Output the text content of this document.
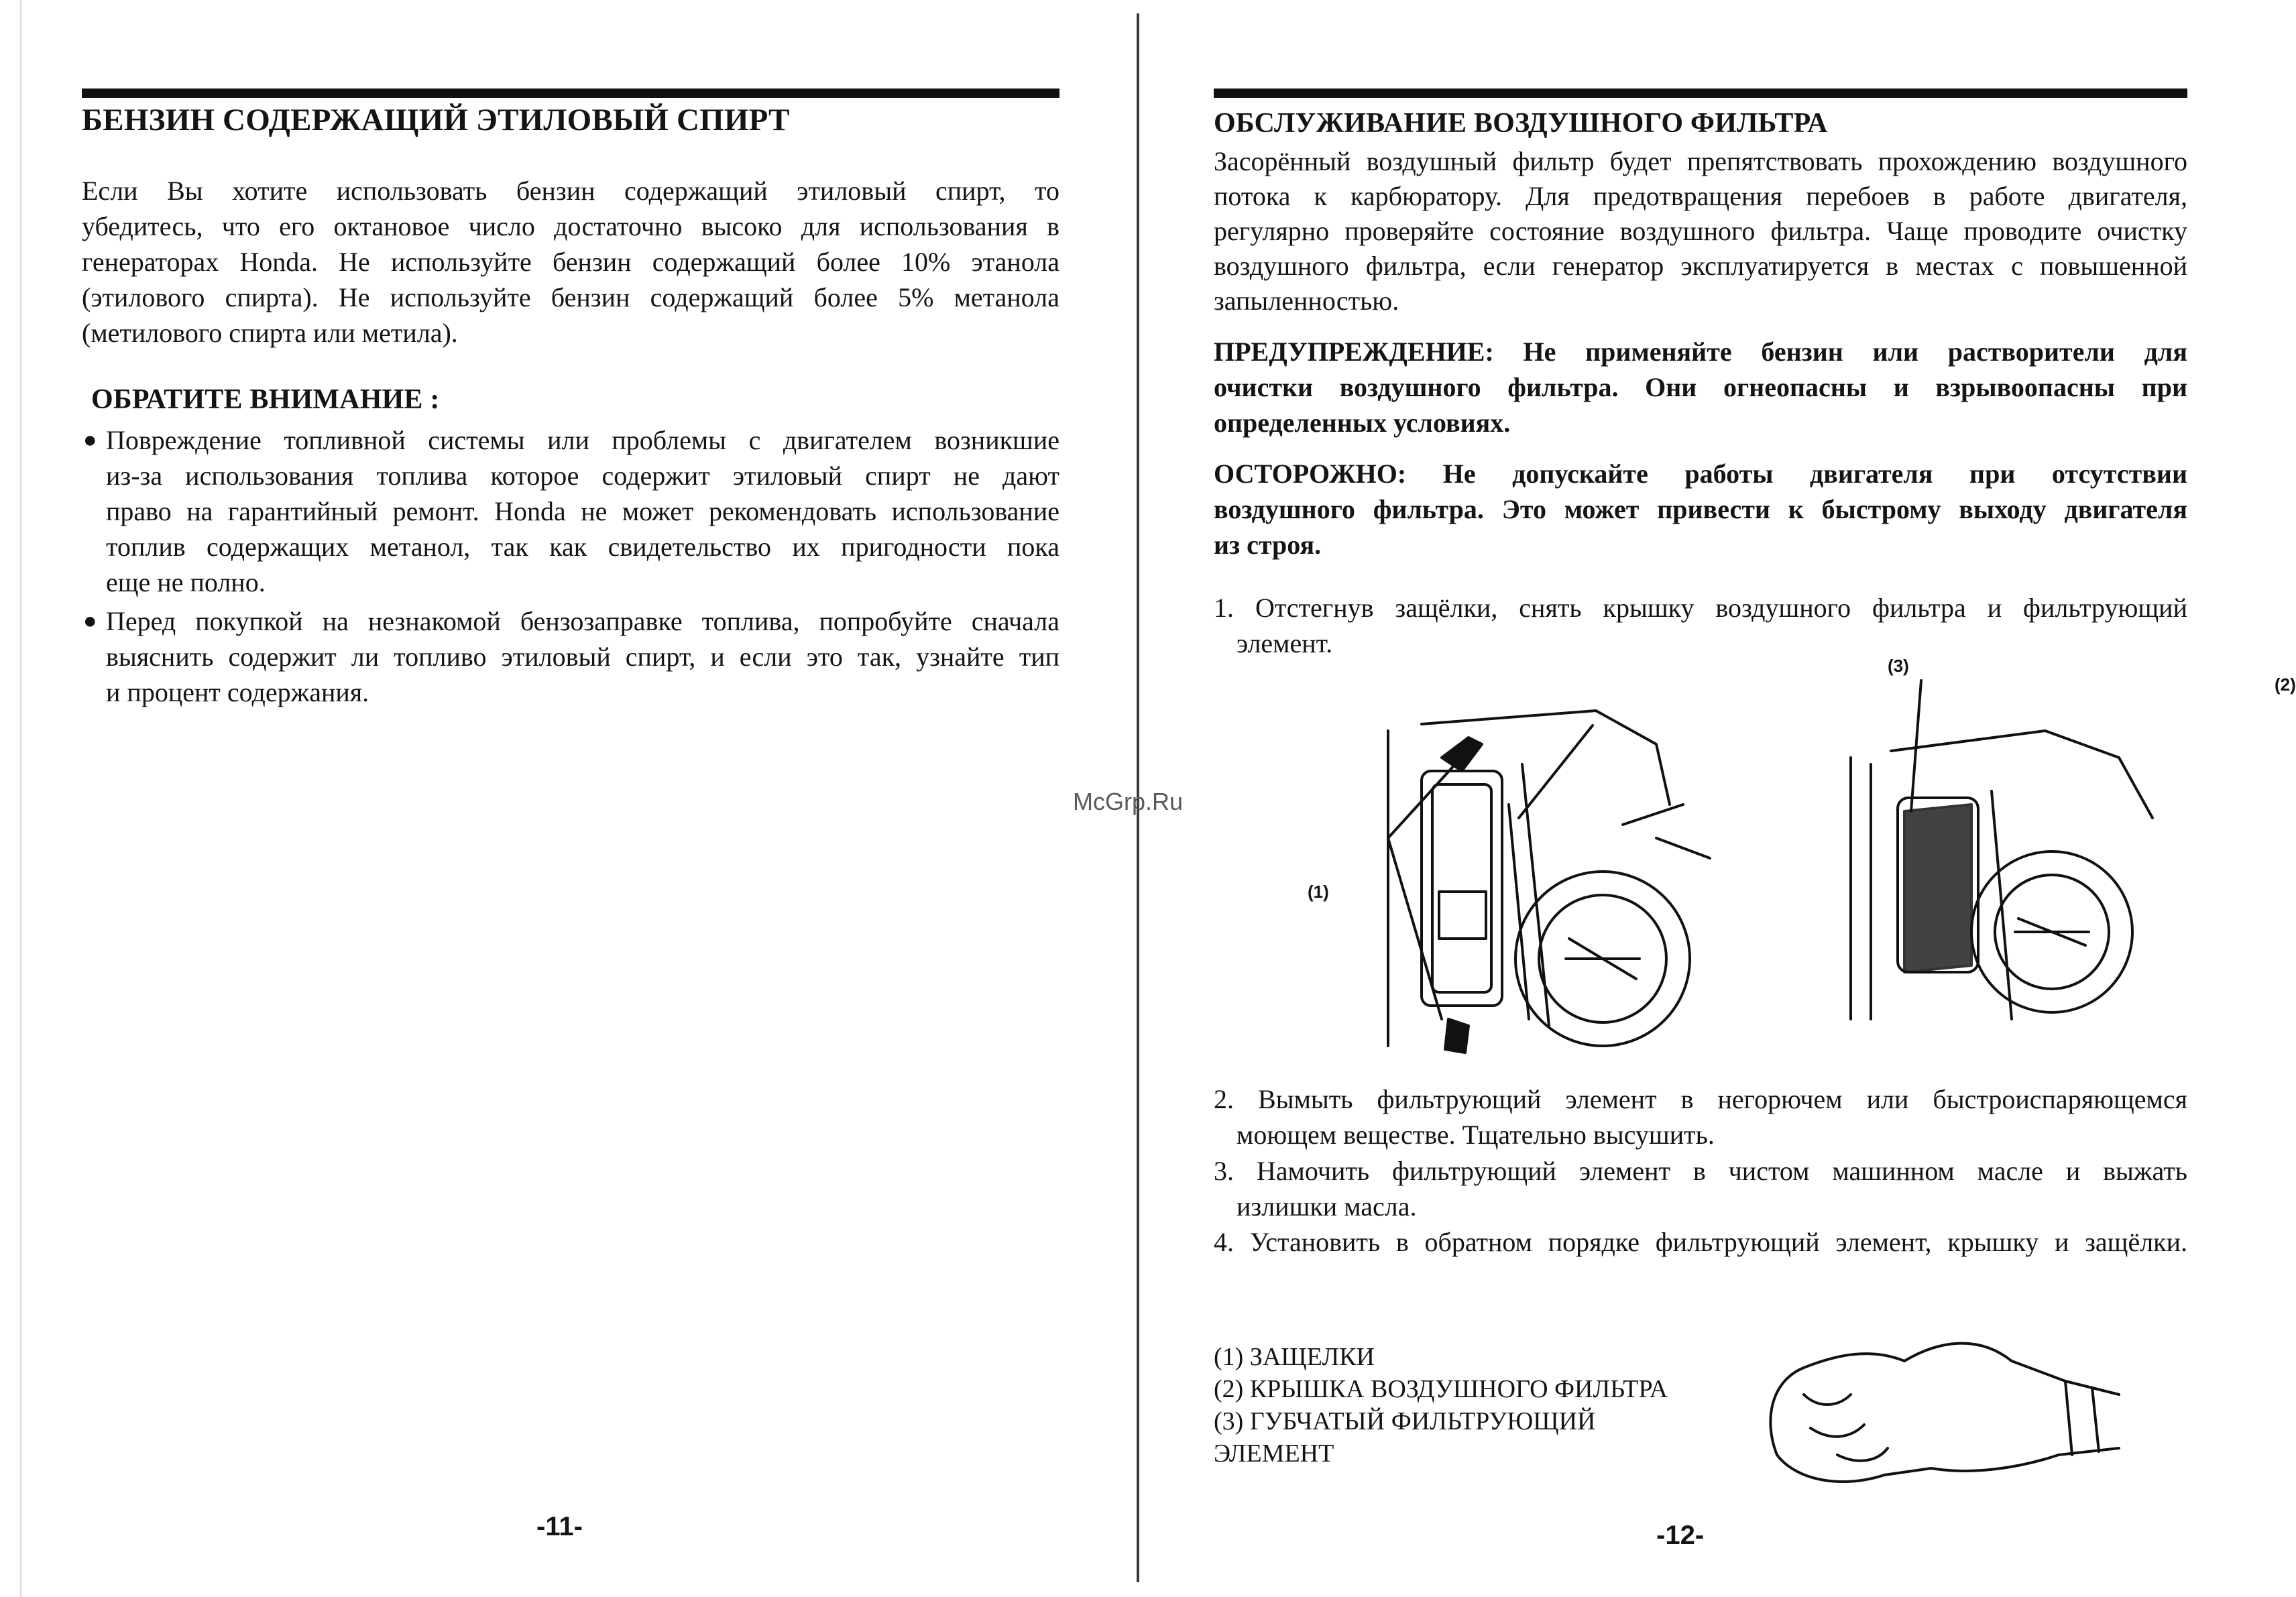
БЕНЗИН СОДЕРЖАЩИЙ ЭТИЛОВЫЙ СПИРТ
Если Вы хотите использовать бензин содержащий этиловый спирт, то
убедитесь, что его октановое число достаточно высоко для использования в
генераторах Honda. Не используйте бензин содержащий более 10% этанола
(этилового спирта). Не используйте бензин содержащий более 5% метанола
(метилового спирта или метила).
ОБРАТИТЕ ВНИМАНИЕ :
● Повреждение топливной системы или проблемы с двигателем возникшие
из-за использования топлива которое содержит этиловый спирт не дают
право на гарантийный ремонт. Honda не может рекомендовать использование
топлив содержащих метанол, так как свидетельство их пригодности пока
еще не полно.
● Перед покупкой на незнакомой бензозаправке топлива, попробуйте сначала
выяснить содержит ли топливо этиловый спирт, и если это так, узнайте тип
и процент содержания.
-11-
ОБСЛУЖИВАНИЕ ВОЗДУШНОГО ФИЛЬТРА
Засорённый воздушный фильтр будет препятствовать прохождению воздушного
потока к карбюратору. Для предотвращения перебоев в работе двигателя,
регулярно проверяйте состояние воздушного фильтра. Чаще проводите очистку
воздушного фильтра, если генератор эксплуатируется в местах с повышенной
запыленностью.
ПРЕДУПРЕЖДЕНИЕ: Не применяйте бензин или растворители для
очистки воздушного фильтра. Они огнеопасны и взрывоопасны при
определенных условиях.
ОСТОРОЖНО: Не допускайте работы двигателя при отсутствии
воздушного фильтра. Это может привести к быстрому выходу двигателя
из строя.
1. Отстегнув защёлки, снять крышку воздушного фильтра и фильтрующий
элемент.
(2)
(1)
(3)
2. Вымыть фильтрующий элемент в негорючем или быстроиспаряющемся
моющем веществе. Тщательно высушить.
3. Намочить фильтрующий элемент в чистом машинном масле и выжать
излишки масла.
4. Установить в обратном порядке фильтрующий элемент, крышку и защёлки.
(1) ЗАЩЕЛКИ
(2) КРЫШКА ВОЗДУШНОГО ФИЛЬТРА
(3) ГУБЧАТЫЙ ФИЛЬТРУЮЩИЙ
ЭЛЕМЕНТ
-12-
McGrp.Ru
